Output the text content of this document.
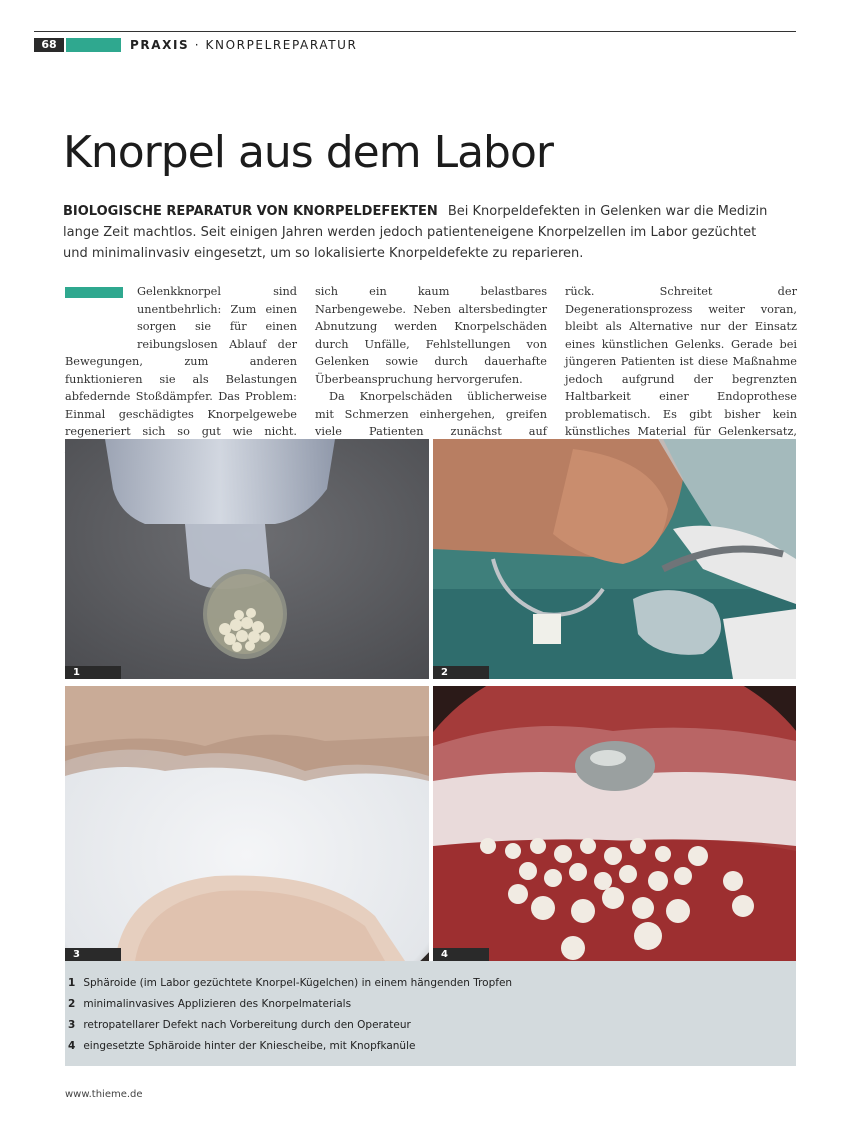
68	PRAXIS · KNORPELREPARATUR
Knorpel aus dem Labor

BIOLOGISCHE REPARATUR VON KNORPELDEFEKTEN Bei Knorpeldefekten in Gelenken war die Medizin lange Zeit machtlos. Seit einigen Jahren werden jedoch patienteneigene Knorpelzellen im Labor gezüchtet und minimalinvasiv eingesetzt, um so lokalisierte Knorpeldefekte zu reparieren.

Gelenkknorpel sind unentbehrlich: Zum einen sorgen sie für einen reibungslosen Ablauf der Bewegungen, zum anderen funktionieren sie als Belastungen abfedernde Stoßdämpfer. Das Problem: Einmal geschädigtes Knorpelgewebe regeneriert sich so gut wie nicht.

sich ein kaum belastbares Narbengewebe. Neben altersbedingter Abnutzung werden Knorpelschäden durch Unfälle, Fehlstellungen von Gelenken sowie durch dauerhafte Überbeanspruchung hervorgerufen.

Da Knorpelschäden üblicherweise mit Schmerzen einhergehen, greifen viele Patienten zunächst auf

rück. Schreitet der Degenerationsprozess weiter voran, bleibt als Alternative nur der Einsatz eines künstlichen Gelenks. Gerade bei jüngeren Patienten ist diese Maßnahme jedoch aufgrund der begrenzten Haltbarkeit einer Endoprothese problematisch. Es gibt bisher kein künstliches Material für Gelenkersatz,

1	2
3	4
1 Sphäroide (im Labor gezüchtete Knorpel-Kügelchen) in einem hängenden Tropfen
2 minimalinvasives Applizieren des Knorpelmaterials
3 retropatellarer Defekt nach Vorbereitung durch den Operateur
4 eingesetzte Sphäroide hinter der Kniescheibe, mit Knopfkanüle
www.thieme.de
